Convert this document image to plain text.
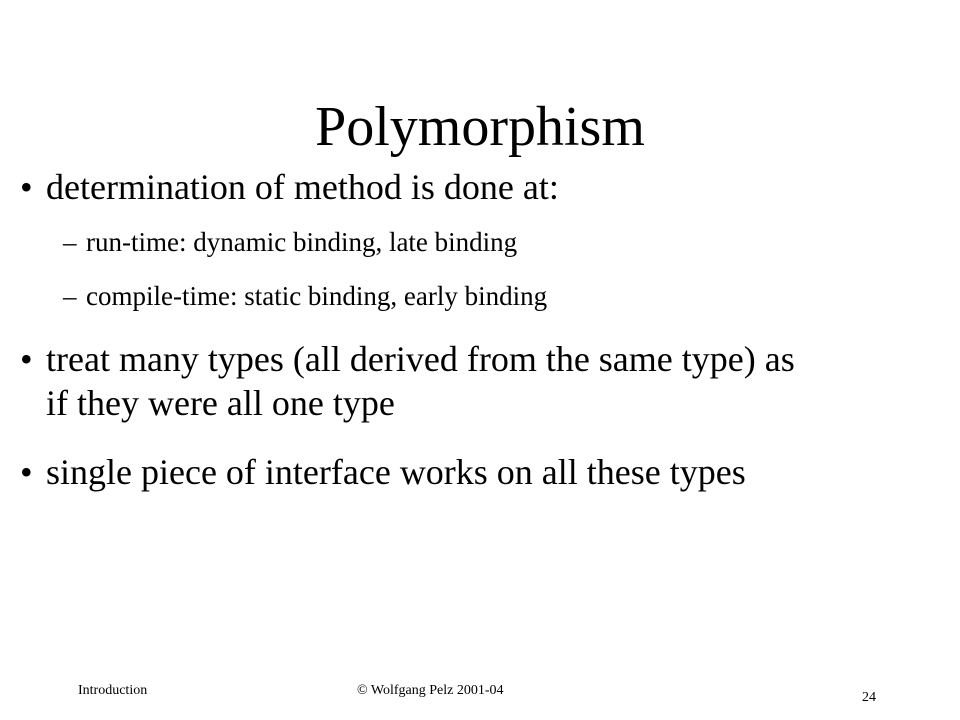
Polymorphism
• determination of method is done at:
– run-time: dynamic binding, late binding
– compile-time: static binding, early binding
• treat many types (all derived from the same type) as if they were all one type
• single piece of interface works on all these types
Introduction	© Wolfgang Pelz 2001-04	24
